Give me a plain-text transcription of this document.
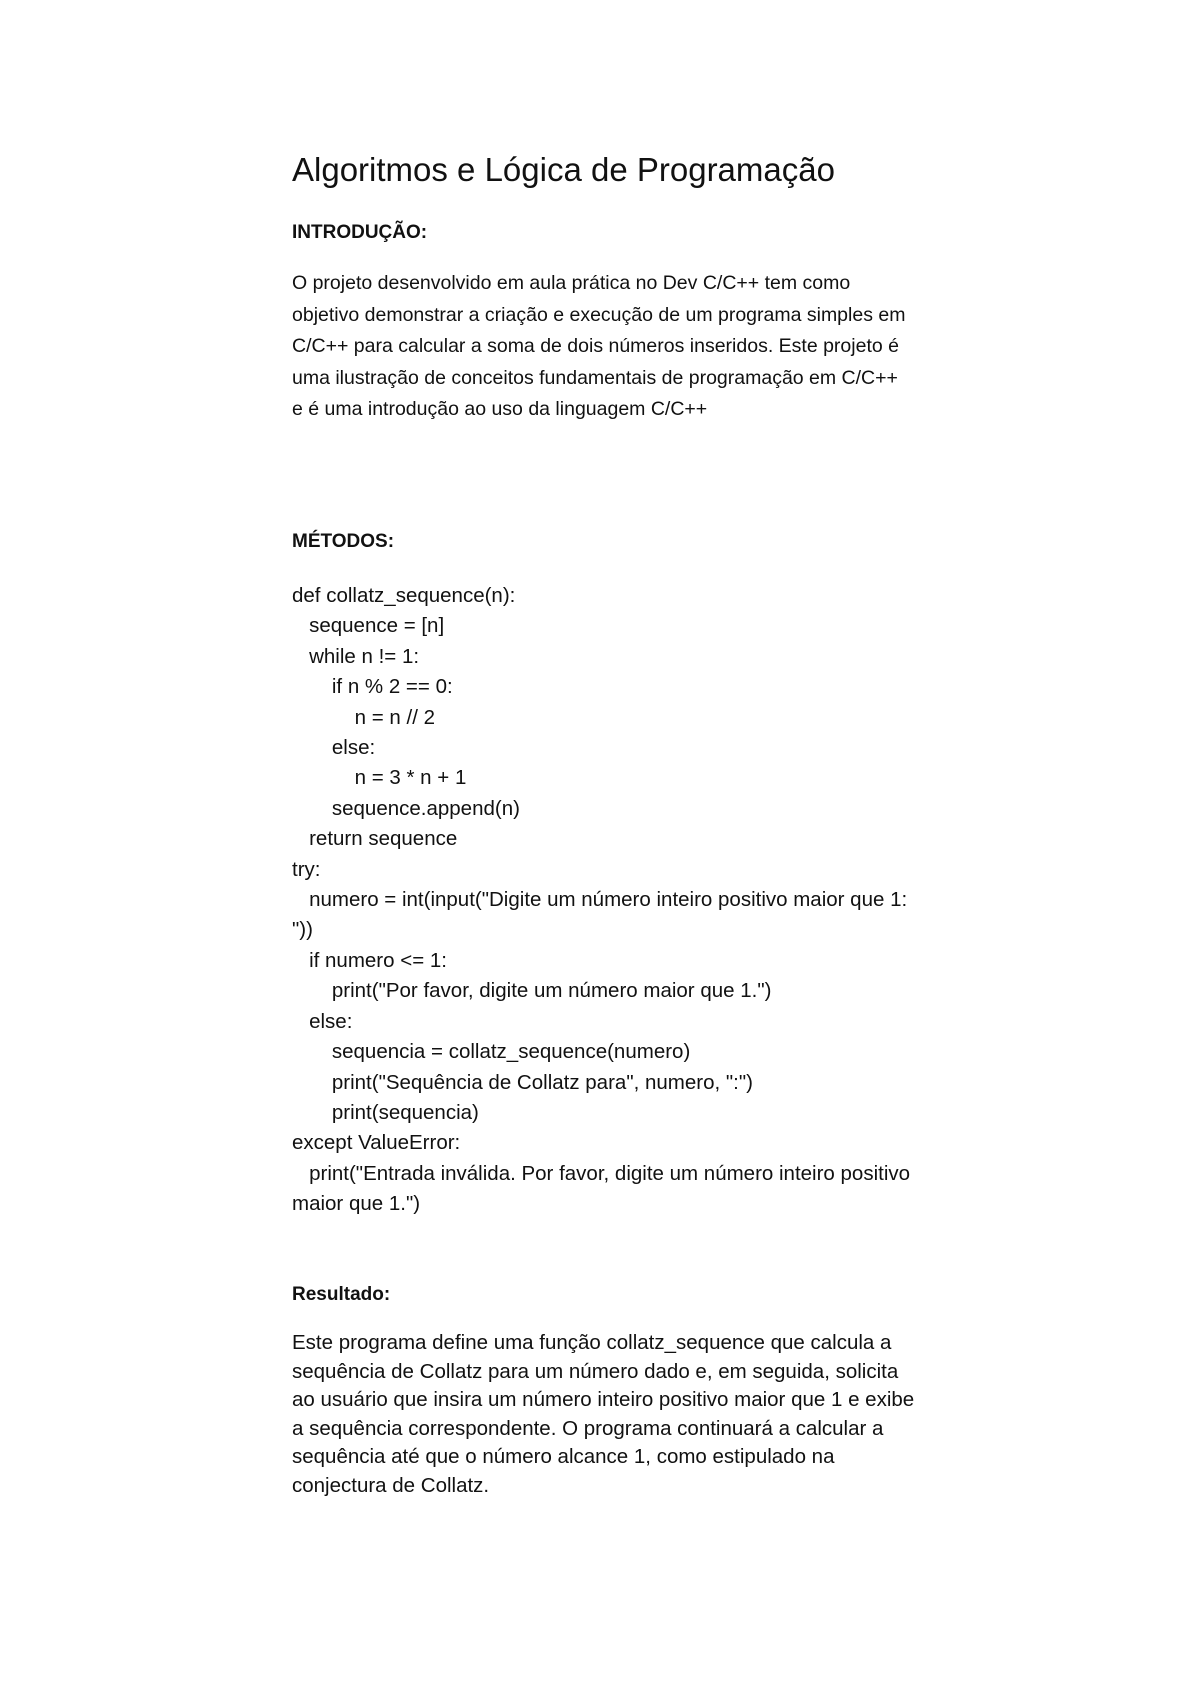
Algoritmos e Lógica de Programação
INTRODUÇÃO:

O projeto desenvolvido em aula prática no Dev C/C++ tem como objetivo demonstrar a criação e execução de um programa simples em C/C++ para calcular a soma de dois números inseridos. Este projeto é uma ilustração de conceitos fundamentais de programação em C/C++ e é uma introdução ao uso da linguagem C/C++

MÉTODOS:
def collatz_sequence(n):
sequence = [n]
while n != 1:
if n % 2 == 0:
n = n // 2
else:
n = 3 * n + 1
sequence.append(n)
return sequence
try:
numero = int(input("Digite um número inteiro positivo maior que 1: "))
if numero <= 1:
print("Por favor, digite um número maior que 1.")
else:
sequencia = collatz_sequence(numero)
print("Sequência de Collatz para", numero, ":")
print(sequencia)
except ValueError:
print("Entrada inválida. Por favor, digite um número inteiro positivo maior que 1.")
Resultado:

Este programa define uma função collatz_sequence que calcula a sequência de Collatz para um número dado e, em seguida, solicita ao usuário que insira um número inteiro positivo maior que 1 e exibe a sequência correspondente. O programa continuará a calcular a sequência até que o número alcance 1, como estipulado na conjectura de Collatz.
